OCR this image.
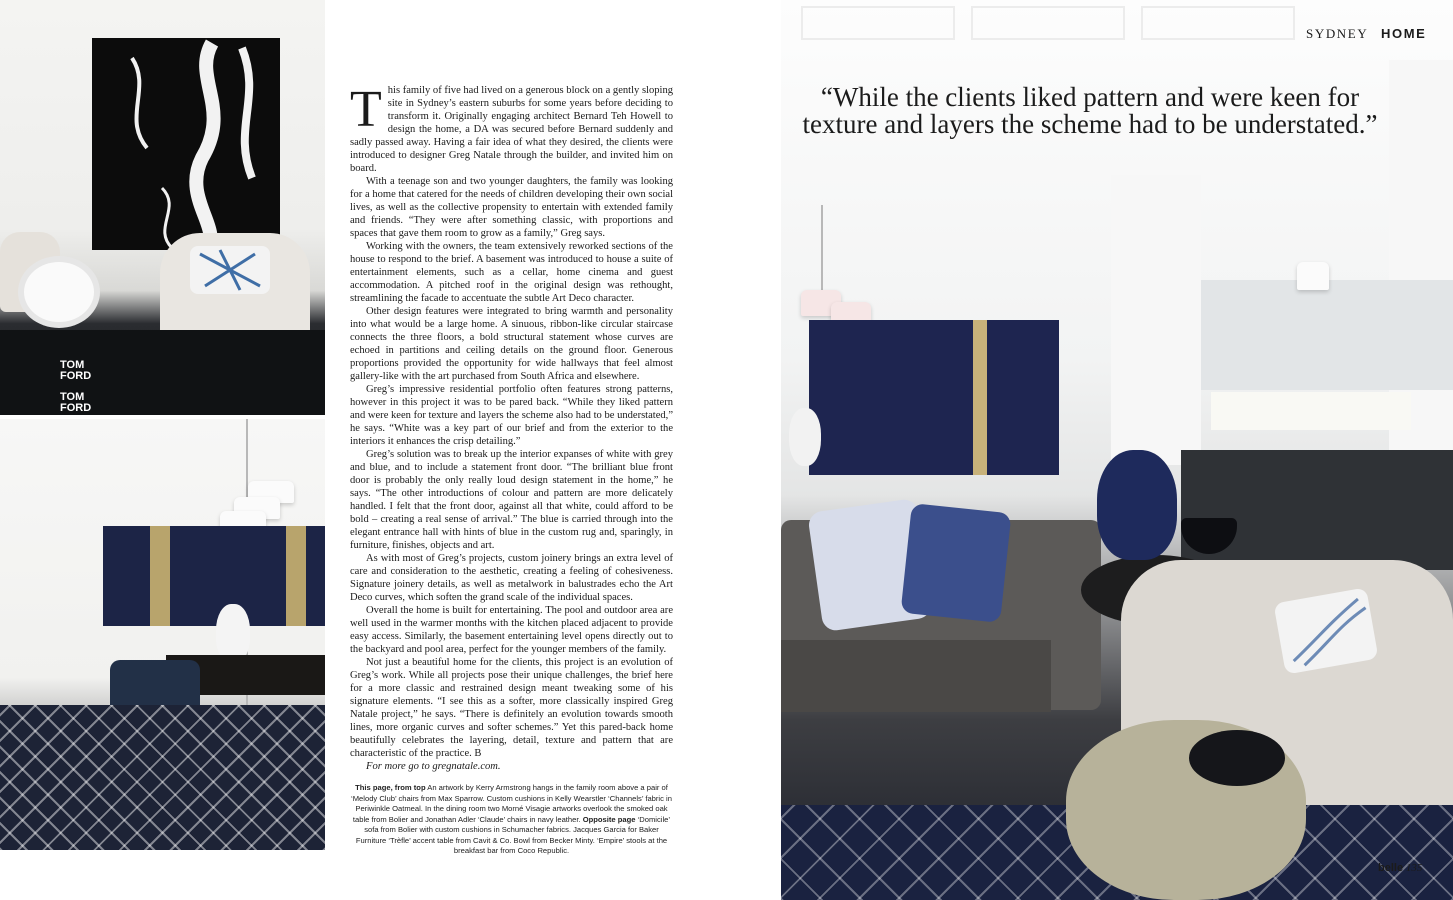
TOM FORD
TOM FORD

This family of five had lived on a generous block on a gently sloping site in Sydney’s eastern suburbs for some years before deciding to transform it. Originally engaging architect Bernard Teh Howell to design the home, a DA was secured before Bernard suddenly and sadly passed away. Having a fair idea of what they desired, the clients were introduced to designer Greg Natale through the builder, and invited him on board.

With a teenage son and two younger daughters, the family was looking for a home that catered for the needs of children developing their own social lives, as well as the collective propensity to entertain with extended family and friends. “They were after something classic, with proportions and spaces that gave them room to grow as a family,” Greg says.

Working with the owners, the team extensively reworked sections of the house to respond to the brief. A basement was introduced to house a suite of entertainment elements, such as a cellar, home cinema and guest accommodation. A pitched roof in the original design was rethought, streamlining the facade to accentuate the subtle Art Deco character.

Other design features were integrated to bring warmth and personality into what would be a large home. A sinuous, ribbon-like circular staircase connects the three floors, a bold structural statement whose curves are echoed in partitions and ceiling details on the ground floor. Generous proportions provided the opportunity for wide hallways that feel almost gallery-like with the art purchased from South Africa and elsewhere.

Greg’s impressive residential portfolio often features strong patterns, however in this project it was to be pared back. “While they liked pattern and were keen for texture and layers the scheme also had to be understated,” he says. “White was a key part of our brief and from the exterior to the interiors it enhances the crisp detailing.”

Greg’s solution was to break up the interior expanses of white with grey and blue, and to include a statement front door. “The brilliant blue front door is probably the only really loud design statement in the home,” he says. “The other introductions of colour and pattern are more delicately handled. I felt that the front door, against all that white, could afford to be bold – creating a real sense of arrival.” The blue is carried through into the elegant entrance hall with hints of blue in the custom rug and, sparingly, in furniture, finishes, objects and art.

As with most of Greg’s projects, custom joinery brings an extra level of care and consideration to the aesthetic, creating a feeling of cohesiveness. Signature joinery details, as well as metalwork in balustrades echo the Art Deco curves, which soften the grand scale of the individual spaces.

Overall the home is built for entertaining. The pool and outdoor area are well used in the warmer months with the kitchen placed adjacent to provide easy access. Similarly, the basement entertaining level opens directly out to the backyard and pool area, perfect for the younger members of the family.

Not just a beautiful home for the clients, this project is an evolution of Greg’s work. While all projects pose their unique challenges, the brief here for a more classic and restrained design meant tweaking some of his signature elements. “I see this as a softer, more classically inspired Greg Natale project,” he says. “There is definitely an evolution towards smooth lines, more organic curves and softer schemes.” Yet this pared-back home beautifully celebrates the layering, detail, texture and pattern that are characteristic of the practice. B

For more go to gregnatale.com.

This page, from top An artwork by Kerry Armstrong hangs in the family room above a pair of ‘Melody Club’ chairs from Max Sparrow. Custom cushions in Kelly Wearstler ‘Channels’ fabric in Periwinkle Oatmeal. In the dining room two Morné Visagie artworks overlook the smoked oak table from Bolier and Jonathan Adler ‘Claude’ chairs in navy leather. Opposite page ‘Domicile’ sofa from Bolier with custom cushions in Schumacher fabrics. Jacques Garcia for Baker Furniture ‘Trèfle’ accent table from Cavit & Co. Bowl from Becker Minty. ‘Empire’ stools at the breakfast bar from Coco Republic.
SYDNEY HOME
“While the clients liked pattern and were keen for texture and layers the scheme had to be understated.”
belle 135
